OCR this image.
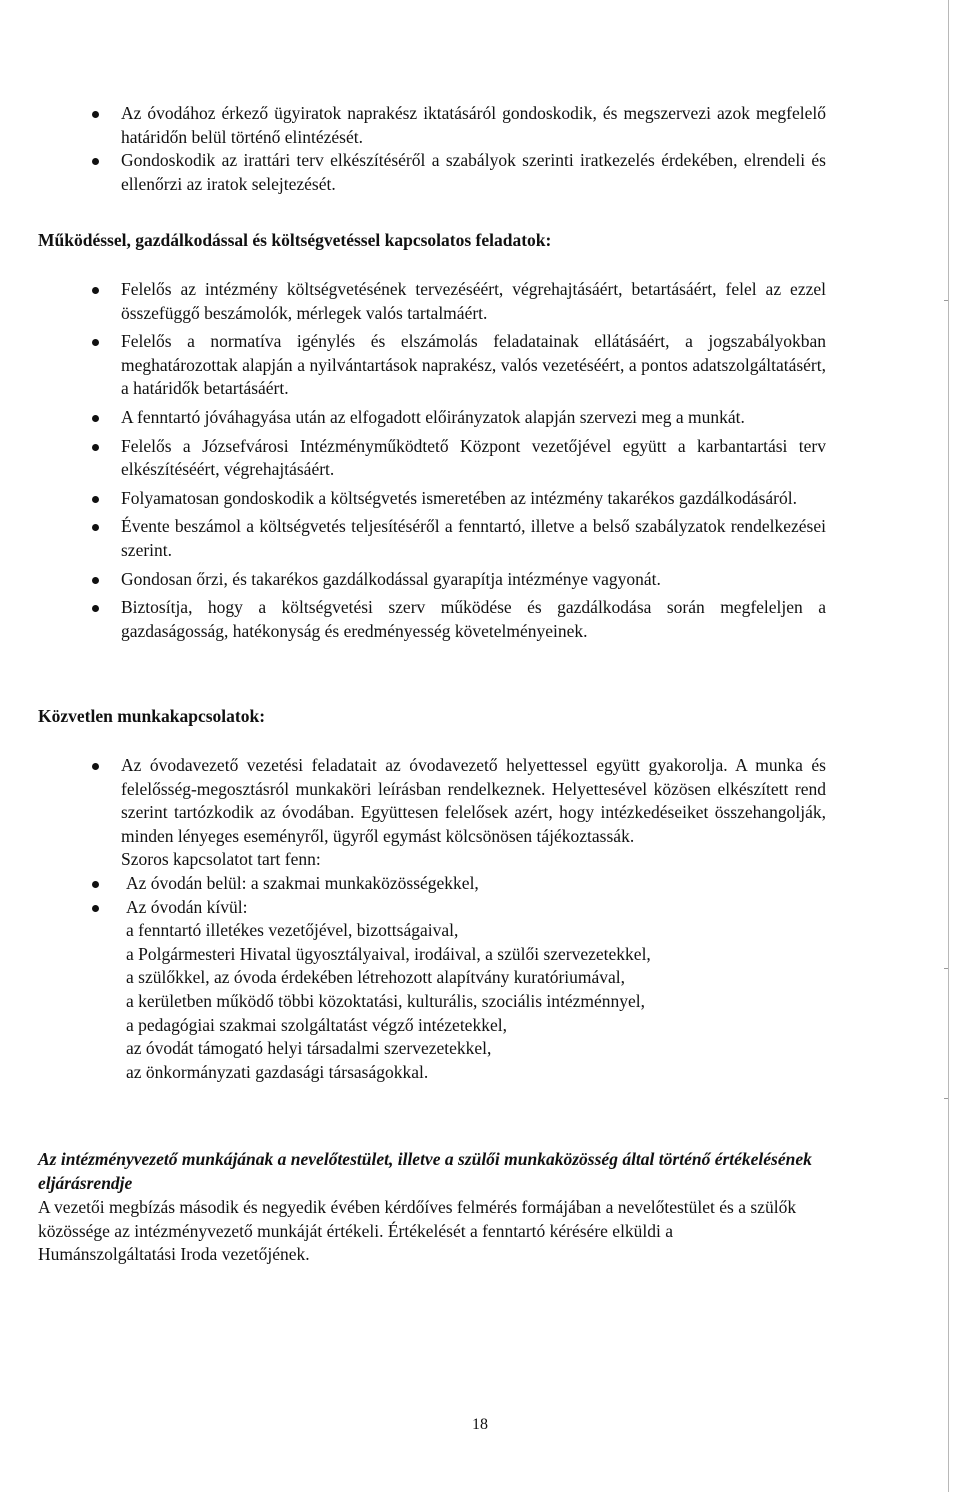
Az óvodához érkező ügyiratok naprakész iktatásáról gondoskodik, és megszervezi azok megfelelő határidőn belül történő elintézését.
Gondoskodik az irattári terv elkészítéséről a szabályok szerinti iratkezelés érdekében, elrendeli és ellenőrzi az iratok selejtezését.
Működéssel, gazdálkodással és költségvetéssel kapcsolatos feladatok:
Felelős az intézmény költségvetésének tervezéséért, végrehajtásáért, betartásáért, felel az ezzel összefüggő beszámolók, mérlegek valós tartalmáért.
Felelős a normatíva igénylés és elszámolás feladatainak ellátásáért, a jogszabályokban meghatározottak alapján a nyilvántartások naprakész, valós vezetéséért, a pontos adatszolgáltatásért, a határidők betartásáért.
A fenntartó jóváhagyása után az elfogadott előirányzatok alapján szervezi meg a munkát.
Felelős a Józsefvárosi Intézményműködtető Központ vezetőjével együtt a karbantartási terv elkészítéséért, végrehajtásáért.
Folyamatosan gondoskodik a költségvetés ismeretében az intézmény takarékos gazdálkodásáról.
Évente beszámol a költségvetés teljesítéséről a fenntartó, illetve a belső szabályzatok rendelkezései szerint.
Gondosan őrzi, és takarékos gazdálkodással gyarapítja intézménye vagyonát.
Biztosítja, hogy a költségvetési szerv működése és gazdálkodása során megfeleljen a gazdaságosság, hatékonyság és eredményesség követelményeinek.
Közvetlen munkakapcsolatok:
Az óvodavezető vezetési feladatait az óvodavezető helyettessel együtt gyakorolja. A munka és felelősség-megosztásról munkaköri leírásban rendelkeznek. Helyettesével közösen elkészített rend szerint tartózkodik az óvodában. Együttesen felelősek azért, hogy intézkedéseiket összehangolják, minden lényeges eseményről, ügyről egymást kölcsönösen tájékoztassák.
Szoros kapcsolatot tart fenn:
Az óvodán belül: a szakmai munkaközösségekkel,
Az óvodán kívül:
a fenntartó illetékes vezetőjével, bizottságaival,
a Polgármesteri Hivatal ügyosztályaival, irodáival, a szülői szervezetekkel,
a szülőkkel, az óvoda érdekében létrehozott alapítvány kuratóriumával,
a kerületben működő többi közoktatási, kulturális, szociális intézménnyel,
a pedagógiai szakmai szolgáltatást végző intézetekkel,
az óvodát támogató helyi társadalmi szervezetekkel,
az önkormányzati gazdasági társaságokkal.
Az intézményvezető munkájának a nevelőtestület, illetve a szülői munkaközösség által történő értékelésének eljárásrendje

A vezetői megbízás második és negyedik évében kérdőíves felmérés formájában a nevelőtestület és a szülők közössége az intézményvezető munkáját értékeli. Értékelését a fenntartó kérésére elküldi a Humánszolgáltatási Iroda vezetőjének.

18
